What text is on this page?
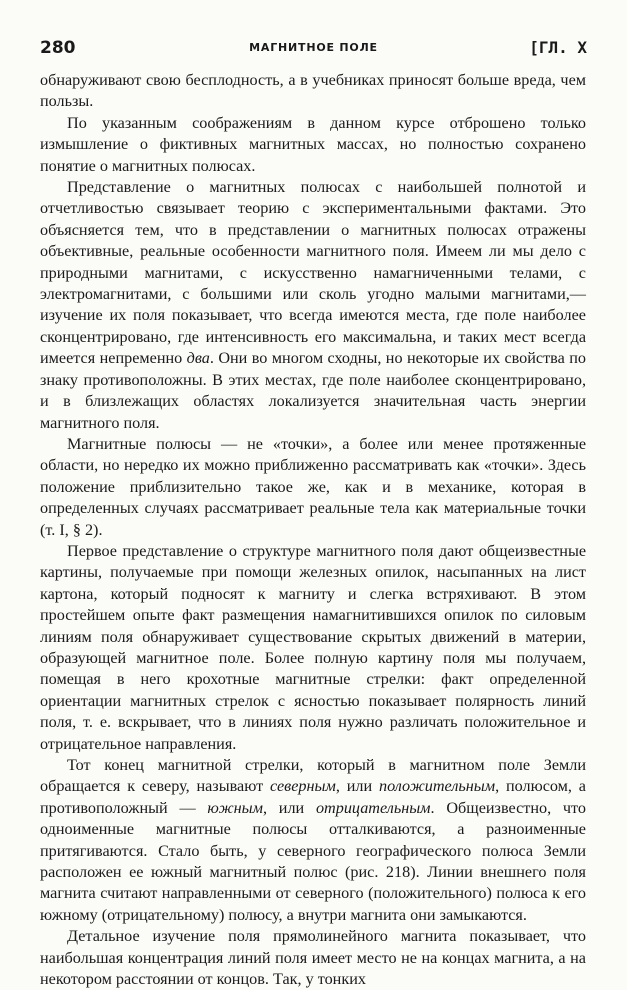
280	МАГНИТНОЕ ПОЛЕ	[ГЛ. X

обнаруживают свою бесплодность, а в учебниках приносят больше вреда, чем пользы.

По указанным соображениям в данном курсе отброшено только измышление о фиктивных магнитных массах, но полностью сохранено понятие о магнитных полюсах.

Представление о магнитных полюсах с наибольшей полнотой и отчетливостью связывает теорию с экспериментальными фактами. Это объясняется тем, что в представлении о магнитных полюсах отражены объективные, реальные особенности магнитного поля. Имеем ли мы дело с природными магнитами, с искусственно намагниченными телами, с электромагнитами, с большими или сколь угодно малыми магнитами,— изучение их поля показывает, что всегда имеются места, где поле наиболее сконцентрировано, где интенсивность его максимальна, и таких мест всегда имеется непременно два. Они во многом сходны, но некоторые их свойства по знаку противоположны. В этих местах, где поле наиболее сконцентрировано, и в близлежащих областях локализуется значительная часть энергии магнитного поля.

Магнитные полюсы — не «точки», а более или менее протяженные области, но нередко их можно приближенно рассматривать как «точки». Здесь положение приблизительно такое же, как и в механике, которая в определенных случаях рассматривает реальные тела как материальные точки (т. I, § 2).

Первое представление о структуре магнитного поля дают общеизвестные картины, получаемые при помощи железных опилок, насыпанных на лист картона, который подносят к магниту и слегка встряхивают. В этом простейшем опыте факт размещения намагнитившихся опилок по силовым линиям поля обнаруживает существование скрытых движений в материи, образующей магнитное поле. Более полную картину поля мы получаем, помещая в него крохотные магнитные стрелки: факт определенной ориентации магнитных стрелок с ясностью показывает полярность линий поля, т. е. вскрывает, что в линиях поля нужно различать положительное и отрицательное направления.

Тот конец магнитной стрелки, который в магнитном поле Земли обращается к северу, называют северным, или положительным, полюсом, а противоположный — южным, или отрицательным. Общеизвестно, что одноименные магнитные полюсы отталкиваются, а разноименные притягиваются. Стало быть, у северного географического полюса Земли расположен ее южный магнитный полюс (рис. 218). Линии внешнего поля магнита считают направленными от северного (положительного) полюса к его южному (отрицательному) полюсу, а внутри магнита они замыкаются.

Детальное изучение поля прямолинейного магнита показывает, что наибольшая концентрация линий поля имеет место не на концах магнита, а на некотором расстоянии от концов. Так, у тонких
